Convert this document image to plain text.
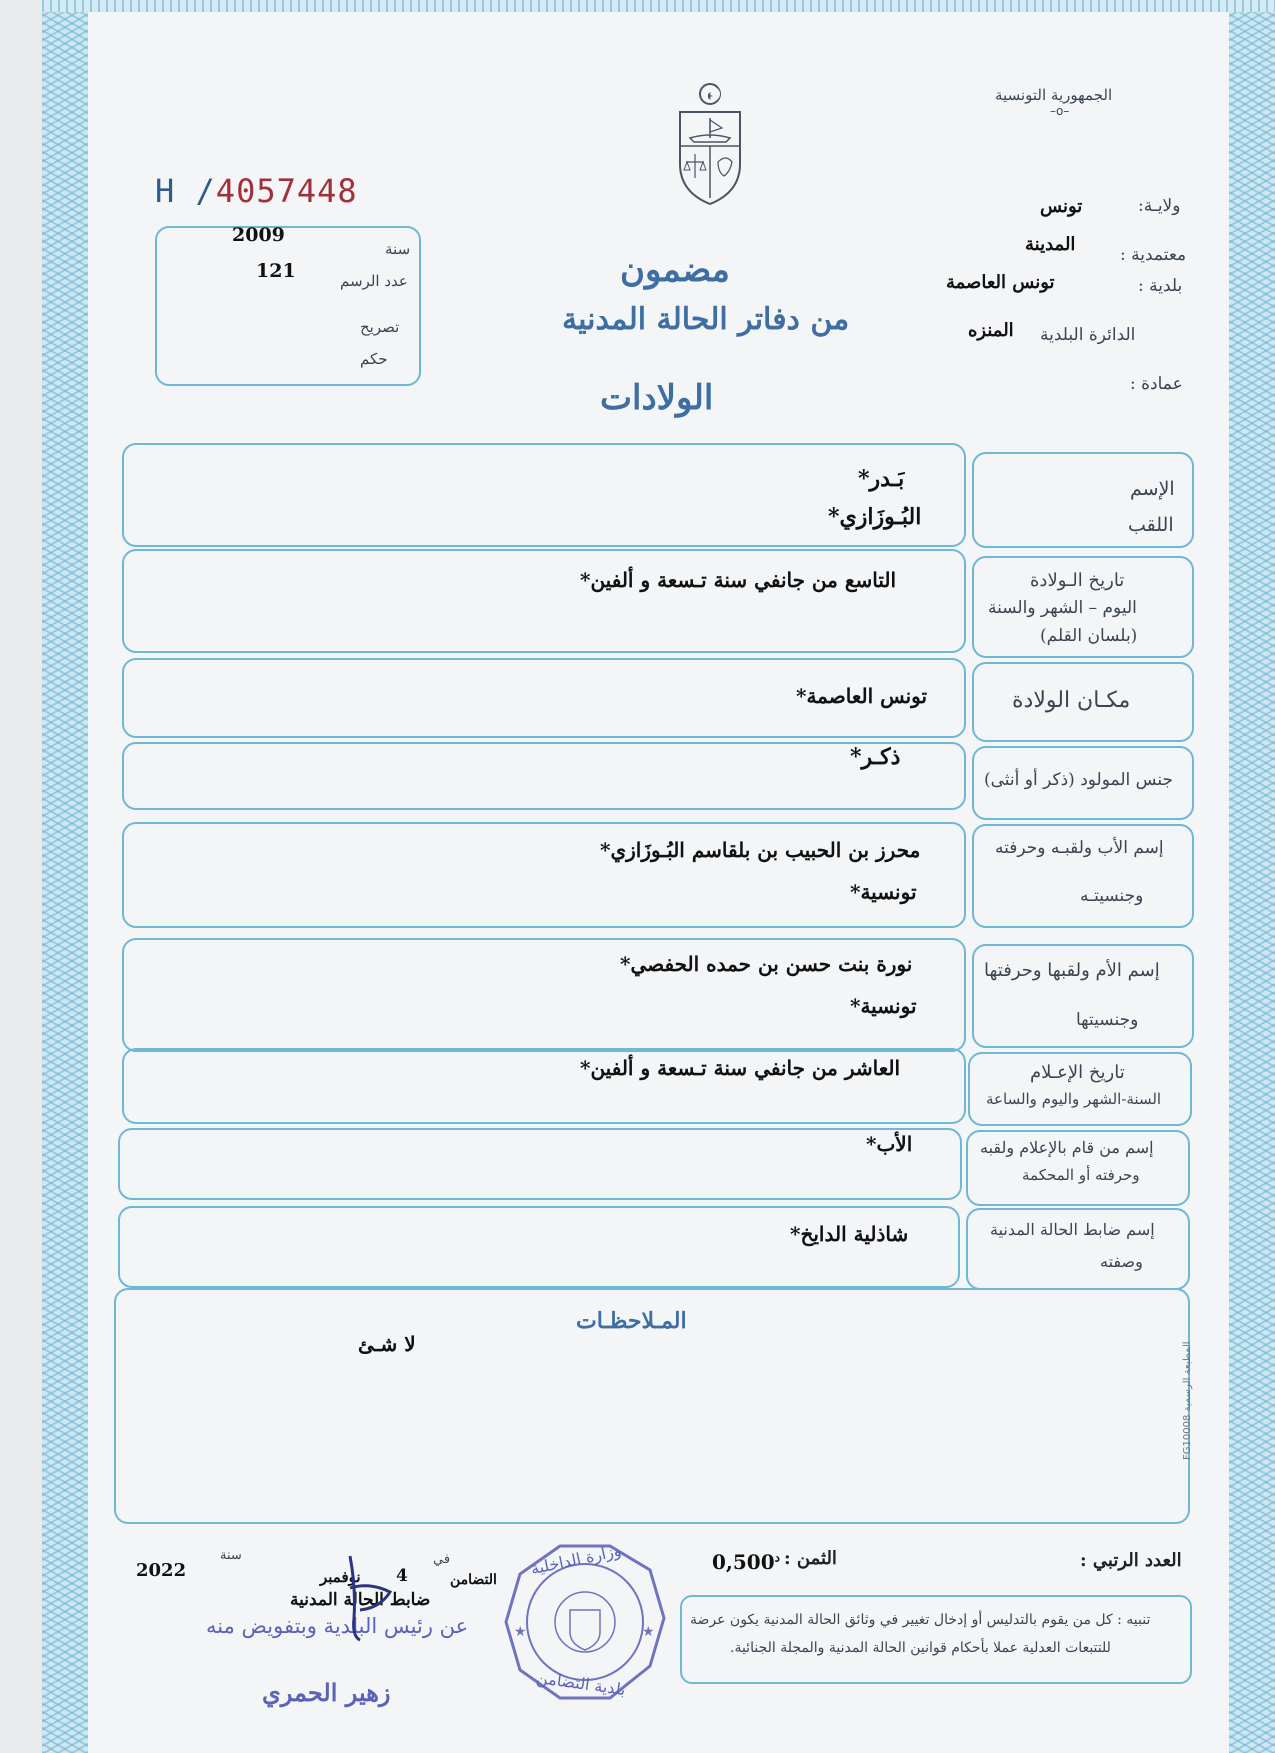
الجمهورية التونسية
–o–
H /4057448	ولايـة:
تونس
معتمدية :
المدينة
بلدية :
تونس العاصمة
الدائرة البلدية
المنزه
عمادة :
سنة
2009
عدد الرسم
121
تصريح
حكم
مضمون
من دفاتر الحالة المدنية
الولادات
الإسم
اللقب
بَـدر*
البُـوزَازي*
تاريخ الـولادة
اليوم – الشهر والسنة
(بلسان القلم)
التاسع من جانفي سنة تـسعة و ألفين*
مكـان الولادة
تونس العاصمة*
جنس المولود (ذكر أو أنثى)
ذكـر*
إسم الأب ولقبـه وحرفته
وجنسيتـه
محرز بن الحبيب بن بلقاسم البُـوزَازي*
تونسية*
إسم الأم ولقبها وحرفتها
وجنسيتها
نورة بنت حسن بن حمده الحفصي*
تونسية*
تاريخ الإعـلام
السنة-الشهر واليوم والساعة
العاشر من جانفي سنة تـسعة و ألفين*
إسم من قام بالإعلام ولقبه
وحرفته أو المحكمة
الأب*
إسم ضابط الحالة المدنية
وصفته
شاذلية الدايخ*
المـلاحظـات
لا شـئ
المطبعة الرسمية FG10008
العدد الرتبي :
الثمن :
$0,500^د$
في
التضامن
4
نوفمبر
سنة
2022
ضابط الحالة المدنية
عن رئيس البلدية وبتفويض منه
زهير الحمري
★	★
وزارة الداخلية
بلدية التضامن
تنبيه : كل من يقوم بالتدليس أو إدخال تغيير في وثائق الحالة المدنية يكون عرضة
للتتبعات العدلية عملا بأحكام قوانين الحالة المدنية والمجلة الجنائية.
